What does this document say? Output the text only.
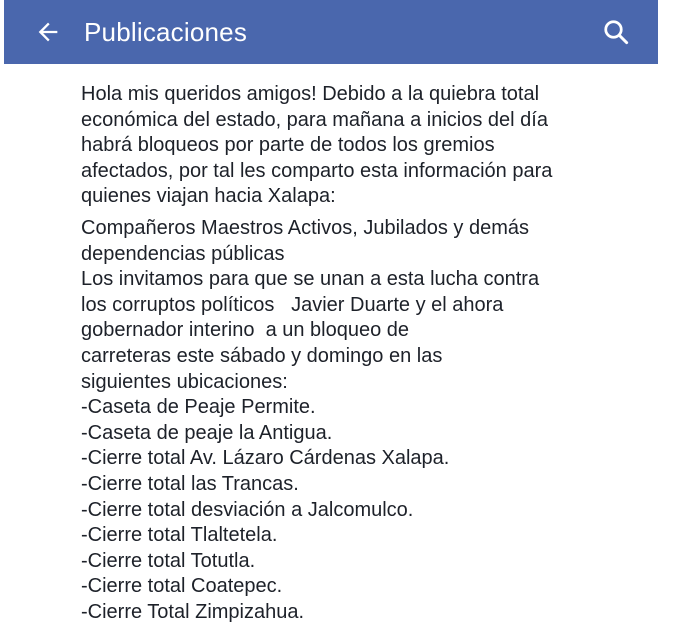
Publicaciones

Hola mis queridos amigos! Debido a la quiebra total
económica del estado, para mañana a inicios del día
habrá bloqueos por parte de todos los gremios
afectados, por tal les comparto esta información para
quienes viajan hacia Xalapa:

Compañeros Maestros Activos, Jubilados y demás
dependencias públicas
Los invitamos para que se unan a esta lucha contra
los corruptos políticos   Javier Duarte y el ahora
gobernador interino  a un bloqueo de
carreteras este sábado y domingo en las
siguientes ubicaciones:

-Caseta de Peaje Permite.
-Caseta de peaje la Antigua.
-Cierre total Av. Lázaro Cárdenas Xalapa.
-Cierre total las Trancas.
-Cierre total desviación a Jalcomulco.
-Cierre total Tlaltetela.
-Cierre total Totutla.
-Cierre total Coatepec.
-Cierre Total Zimpizahua.
